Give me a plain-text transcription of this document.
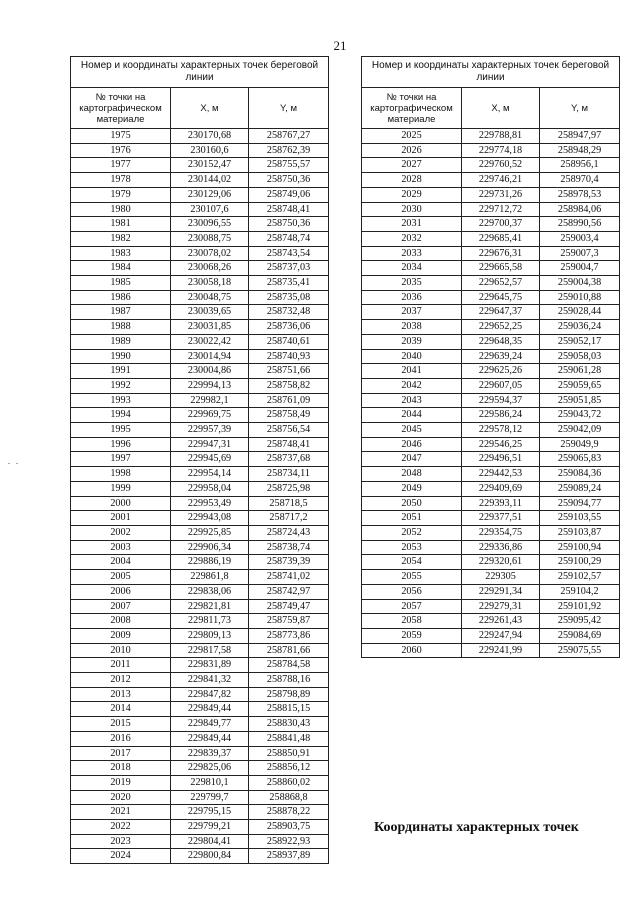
21
. .
Номер и координаты характерных точек береговой линии		
№ точки на картографическом материале	X, м	Y, м
1975	230170,68	258767,27
1976	230160,6	258762,39
1977	230152,47	258755,57
1978	230144,02	258750,36
1979	230129,06	258749,06
1980	230107,6	258748,41
1981	230096,55	258750,36
1982	230088,75	258748,74
1983	230078,02	258743,54
1984	230068,26	258737,03
1985	230058,18	258735,41
1986	230048,75	258735,08
1987	230039,65	258732,48
1988	230031,85	258736,06
1989	230022,42	258740,61
1990	230014,94	258740,93
1991	230004,86	258751,66
1992	229994,13	258758,82
1993	229982,1	258761,09
1994	229969,75	258758,49
1995	229957,39	258756,54
1996	229947,31	258748,41
1997	229945,69	258737,68
1998	229954,14	258734,11
1999	229958,04	258725,98
2000	229953,49	258718,5
2001	229943,08	258717,2
2002	229925,85	258724,43
2003	229906,34	258738,74
2004	229886,19	258739,39
2005	229861,8	258741,02
2006	229838,06	258742,97
2007	229821,81	258749,47
2008	229811,73	258759,87
2009	229809,13	258773,86
2010	229817,58	258781,66
2011	229831,89	258784,58
2012	229841,32	258788,16
2013	229847,82	258798,89
2014	229849,44	258815,15
2015	229849,77	258830,43
2016	229849,44	258841,48
2017	229839,37	258850,91
2018	229825,06	258856,12
2019	229810,1	258860,02
2020	229799,7	258868,8
2021	229795,15	258878,22
2022	229799,21	258903,75
2023	229804,41	258922,93
2024	229800,84	258937,89
Номер и координаты характерных точек береговой линии		
№ точки на картографическом материале	X, м	Y, м
2025	229788,81	258947,97
2026	229774,18	258948,29
2027	229760,52	258956,1
2028	229746,21	258970,4
2029	229731,26	258978,53
2030	229712,72	258984,06
2031	229700,37	258990,56
2032	229685,41	259003,4
2033	229676,31	259007,3
2034	229665,58	259004,7
2035	229652,57	259004,38
2036	229645,75	259010,88
2037	229647,37	259028,44
2038	229652,25	259036,24
2039	229648,35	259052,17
2040	229639,24	259058,03
2041	229625,26	259061,28
2042	229607,05	259059,65
2043	229594,37	259051,85
2044	229586,24	259043,72
2045	229578,12	259042,09
2046	229546,25	259049,9
2047	229496,51	259065,83
2048	229442,53	259084,36
2049	229409,69	259089,24
2050	229393,11	259094,77
2051	229377,51	259103,55
2052	229354,75	259103,87
2053	229336,86	259100,94
2054	229320,61	259100,29
2055	229305	259102,57
2056	229291,34	259104,2
2057	229279,31	259101,92
2058	229261,43	259095,42
2059	229247,94	259084,69
2060	229241,99	259075,55
Координаты характерных точек
